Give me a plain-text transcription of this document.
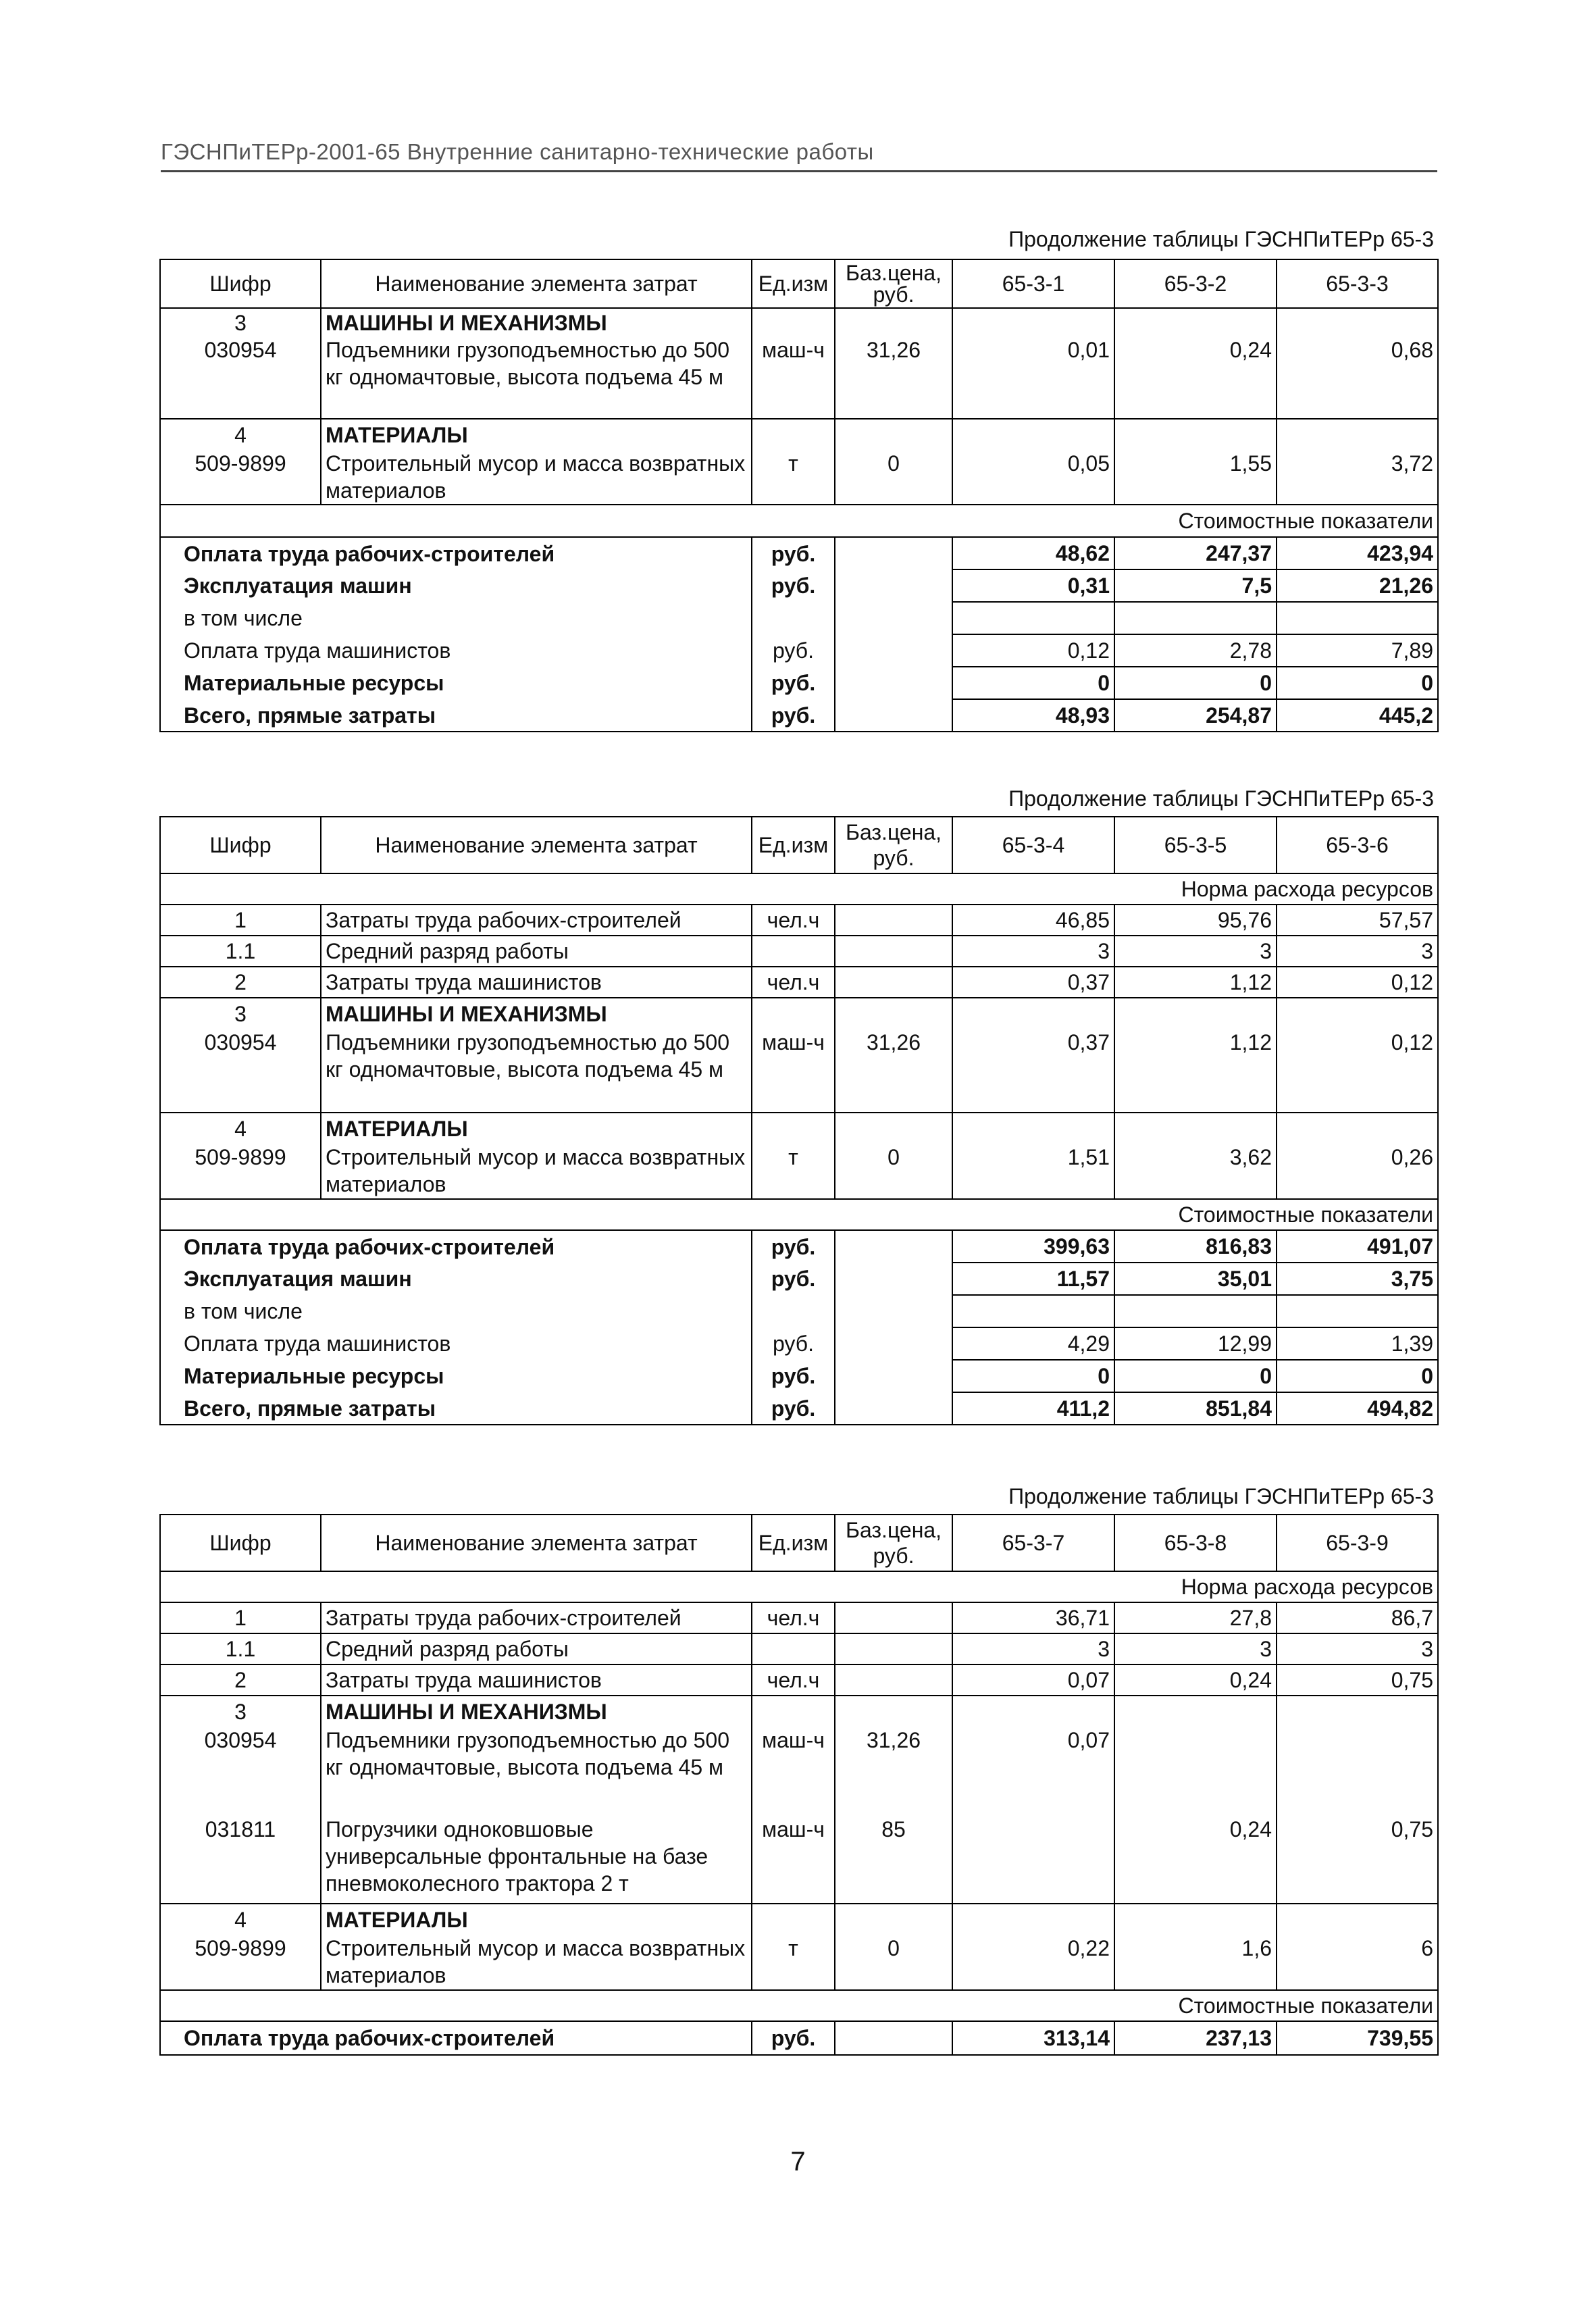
ГЭСНПиТЕРр-2001-65 Внутренние санитарно-технические работы
Продолжение таблицы ГЭСНПиТЕРр 65-3
Шифр	Наименование элемента затрат	Ед.изм	Баз.цена, руб.	65-3-1	65-3-2	65-3-3
3	МАШИНЫ И МЕХАНИЗМЫ					
030954	Подъемники грузоподъемностью до 500 кг одномачтовые, высота подъема 45 м	маш-ч	31,26	0,01	0,24	0,68
4	МАТЕРИАЛЫ					
509-9899	Строительный мусор и масса возвратных материалов	т	0	0,05	1,55	3,72
Стоимостные показатели						
Оплата труда рабочих-строителей		руб.		48,62	247,37	423,94
Эксплуатация машин		руб.		0,31	7,5	21,26
в том числе						
Оплата труда машинистов		руб.		0,12	2,78	7,89
Материальные ресурсы		руб.		0	0	0
Всего, прямые затраты		руб.		48,93	254,87	445,2
Продолжение таблицы ГЭСНПиТЕРр 65-3
Шифр	Наименование элемента затрат	Ед.изм	Баз.цена, руб.	65-3-4	65-3-5	65-3-6
Норма расхода ресурсов						
1	Затраты труда рабочих-строителей	чел.ч		46,85	95,76	57,57
1.1	Средний разряд работы			3	3	3
2	Затраты труда машинистов	чел.ч		0,37	1,12	0,12
3	МАШИНЫ И МЕХАНИЗМЫ					
030954	Подъемники грузоподъемностью до 500 кг одномачтовые, высота подъема 45 м	маш-ч	31,26	0,37	1,12	0,12
4	МАТЕРИАЛЫ					
509-9899	Строительный мусор и масса возвратных материалов	т	0	1,51	3,62	0,26
Стоимостные показатели						
Оплата труда рабочих-строителей		руб.		399,63	816,83	491,07
Эксплуатация машин		руб.		11,57	35,01	3,75
в том числе						
Оплата труда машинистов		руб.		4,29	12,99	1,39
Материальные ресурсы		руб.		0	0	0
Всего, прямые затраты		руб.		411,2	851,84	494,82
Продолжение таблицы ГЭСНПиТЕРр 65-3
Шифр	Наименование элемента затрат	Ед.изм	Баз.цена, руб.	65-3-7	65-3-8	65-3-9
Норма расхода ресурсов						
1	Затраты труда рабочих-строителей	чел.ч		36,71	27,8	86,7
1.1	Средний разряд работы			3	3	3
2	Затраты труда машинистов	чел.ч		0,07	0,24	0,75
3	МАШИНЫ И МЕХАНИЗМЫ					
030954	Подъемники грузоподъемностью до 500 кг одномачтовые, высота подъема 45 м	маш-ч	31,26	0,07		
031811	Погрузчики одноковшовые универсальные фронтальные на базе пневмоколесного трактора 2 т	маш-ч	85		0,24	0,75
4	МАТЕРИАЛЫ					
509-9899	Строительный мусор и масса возвратных материалов	т	0	0,22	1,6	6
Стоимостные показатели						
Оплата труда рабочих-строителей		руб.		313,14	237,13	739,55
7
